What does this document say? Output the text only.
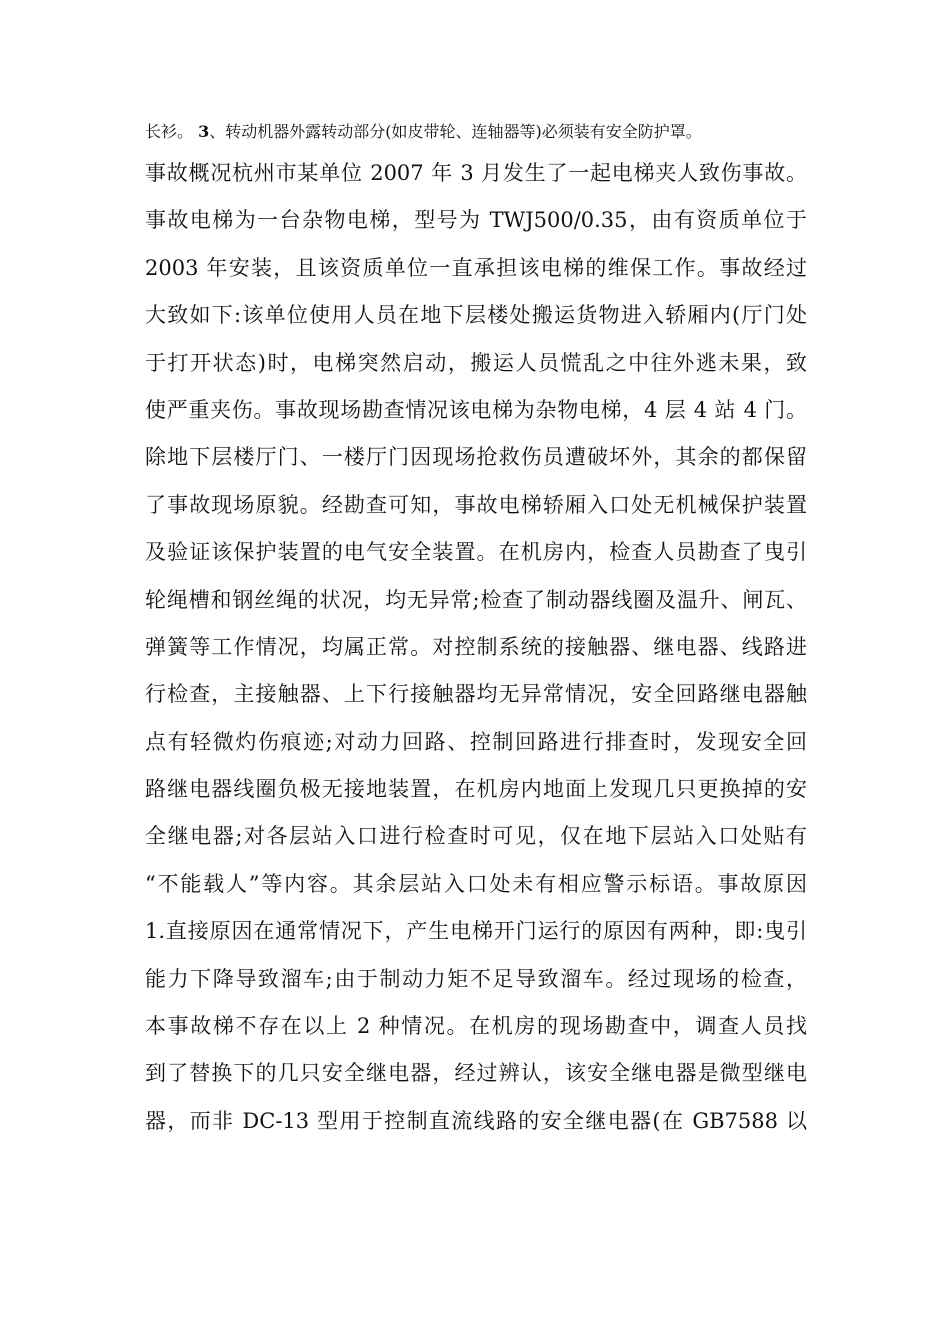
长衫。 3、转动机器外露转动部分(如皮带轮、连轴器等)必须装有安全防护罩。
事故概况杭州市某单位 2007 年 3 月发生了一起电梯夹人致伤事故。
事故电梯为一台杂物电梯，型号为 TWJ500/0.35，由有资质单位于
2003 年安装，且该资质单位一直承担该电梯的维保工作。事故经过
大致如下:该单位使用人员在地下层楼处搬运货物进入轿厢内(厅门处
于打开状态)时，电梯突然启动，搬运人员慌乱之中往外逃未果，致
使严重夹伤。事故现场勘查情况该电梯为杂物电梯，4 层 4 站 4 门。
除地下层楼厅门、一楼厅门因现场抢救伤员遭破坏外，其余的都保留
了事故现场原貌。经勘查可知，事故电梯轿厢入口处无机械保护装置
及验证该保护装置的电气安全装置。在机房内，检查人员勘查了曳引
轮绳槽和钢丝绳的状况，均无异常;检查了制动器线圈及温升、闸瓦、
弹簧等工作情况，均属正常。对控制系统的接触器、继电器、线路进
行检查，主接触器、上下行接触器均无异常情况，安全回路继电器触
点有轻微灼伤痕迹;对动力回路、控制回路进行排查时，发现安全回
路继电器线圈负极无接地装置，在机房内地面上发现几只更换掉的安
全继电器;对各层站入口进行检查时可见，仅在地下层站入口处贴有
“不能载人”等内容。其余层站入口处未有相应警示标语。事故原因
1.直接原因在通常情况下，产生电梯开门运行的原因有两种，即:曳引
能力下降导致溜车;由于制动力矩不足导致溜车。经过现场的检查，
本事故梯不存在以上 2 种情况。在机房的现场勘查中，调查人员找
到了替换下的几只安全继电器，经过辨认，该安全继电器是微型继电
器，而非 DC-13 型用于控制直流线路的安全继电器(在 GB7588 以
